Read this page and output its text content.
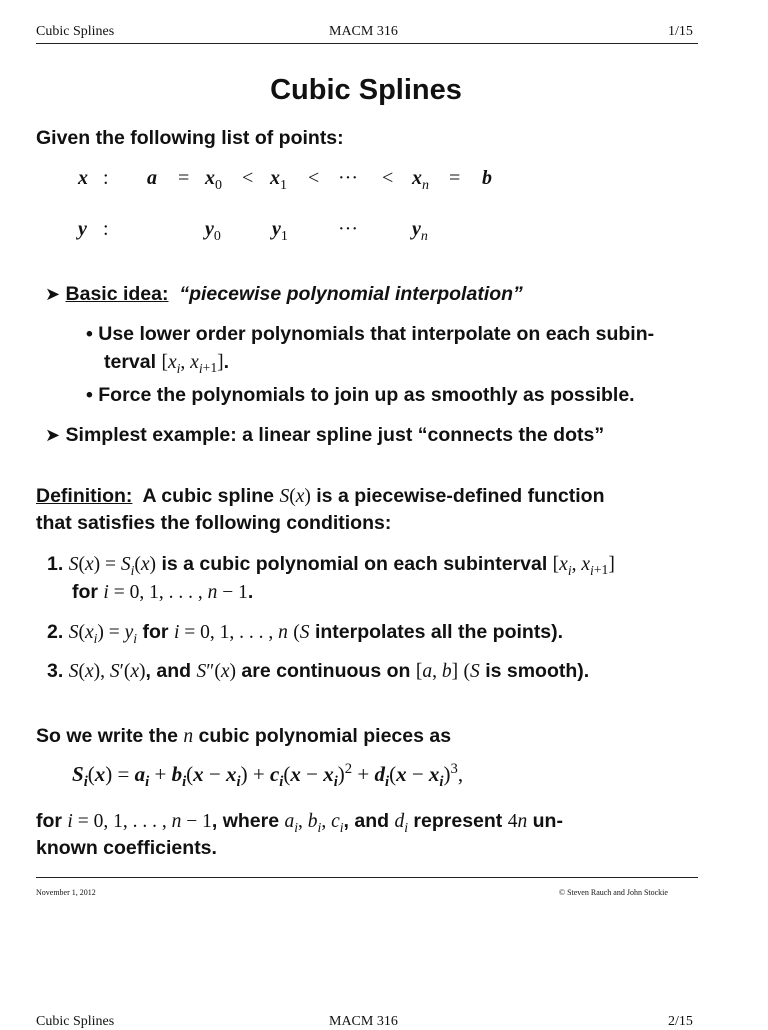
Cubic Splines	MACM 316	1/15
Cubic Splines
Given the following list of points:
x : $a = x_0 < x_1$ < ··· < $x_n = b$
y :	$y_0$	$y_1$	···	$y_n$
➤ Basic idea: “piecewise polynomial interpolation”
• Use lower order polynomials that interpolate on each subin-
terval [$x_i$, $x_{i+1}$].
• Force the polynomials to join up as smoothly as possible.
➤ Simplest example: a linear spline just “connects the dots”
Definition: A cubic spline S(x) is a piecewise-defined function
that satisfies the following conditions:
1. $S(x) = S_i(x)$ is a cubic polynomial on each subinterval [$x_i$, $x_{i+1}$]
for i = 0, 1, . . . , n − 1.
2. $S(x_i) = y_i$ for i = 0, 1, . . . , n (S interpolates all the points).
3. S(x), S′(x), and S″(x) are continuous on [a, b] (S is smooth).
So we write the n cubic polynomial pieces as
$S_i(x) = a_i + b_i(x - x_i) + c_i(x - x_i)^2 + d_i(x - x_i)^3$,
for i = 0, 1, . . . , n − 1, where $a_i$, $b_i$, $c_i$, and $d_i$ represent 4n un-
known coefficients.
November 1, 2012	© Steven Rauch and John Stockie
Cubic Splines	MACM 316	2/15
